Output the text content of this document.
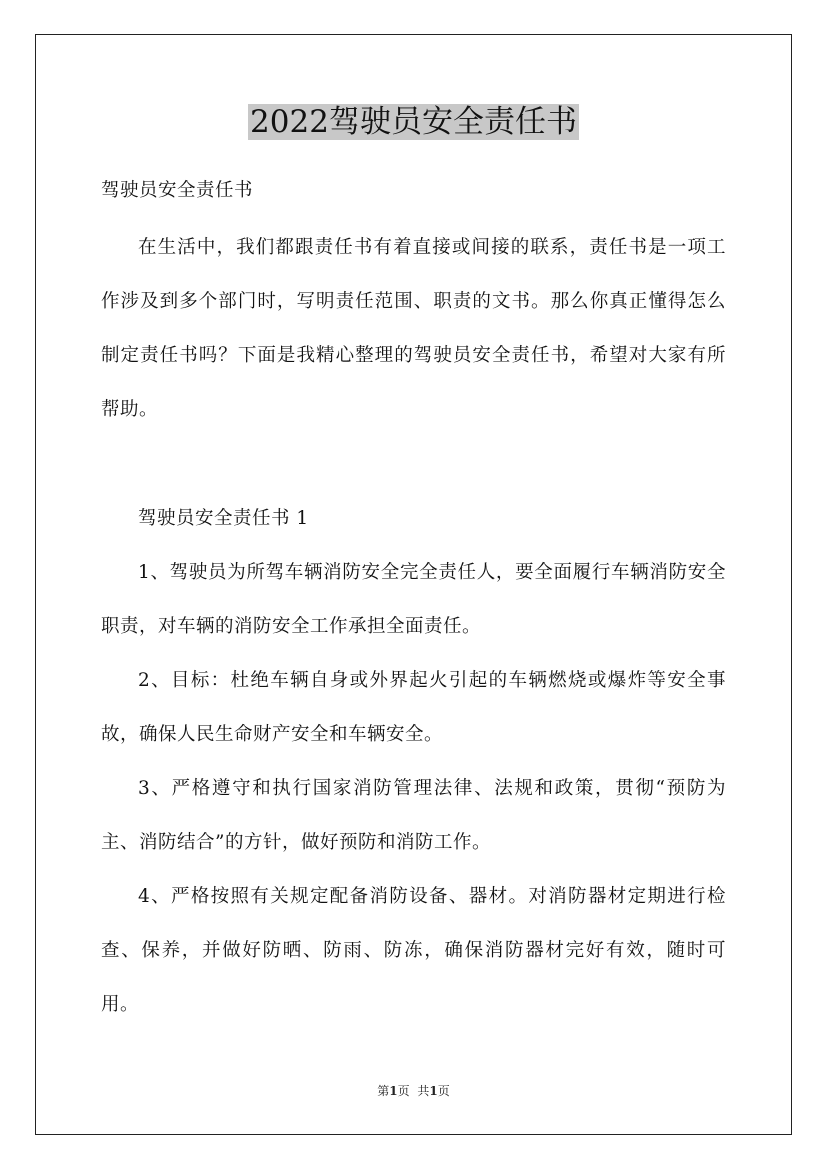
2022驾驶员安全责任书

驾驶员安全责任书

在生活中，我们都跟责任书有着直接或间接的联系，责任书是一项工作涉及到多个部门时，写明责任范围、职责的文书。那么你真正懂得怎么制定责任书吗？下面是我精心整理的驾驶员安全责任书，希望对大家有所帮助。

驾驶员安全责任书 1

1、驾驶员为所驾车辆消防安全完全责任人，要全面履行车辆消防安全职责，对车辆的消防安全工作承担全面责任。

2、目标：杜绝车辆自身或外界起火引起的车辆燃烧或爆炸等安全事故，确保人民生命财产安全和车辆安全。

3、严格遵守和执行国家消防管理法律、法规和政策，贯彻“预防为主、消防结合”的方针，做好预防和消防工作。

4、严格按照有关规定配备消防设备、器材。对消防器材定期进行检查、保养，并做好防晒、防雨、防冻，确保消防器材完好有效，随时可用。

第1页 共1页
